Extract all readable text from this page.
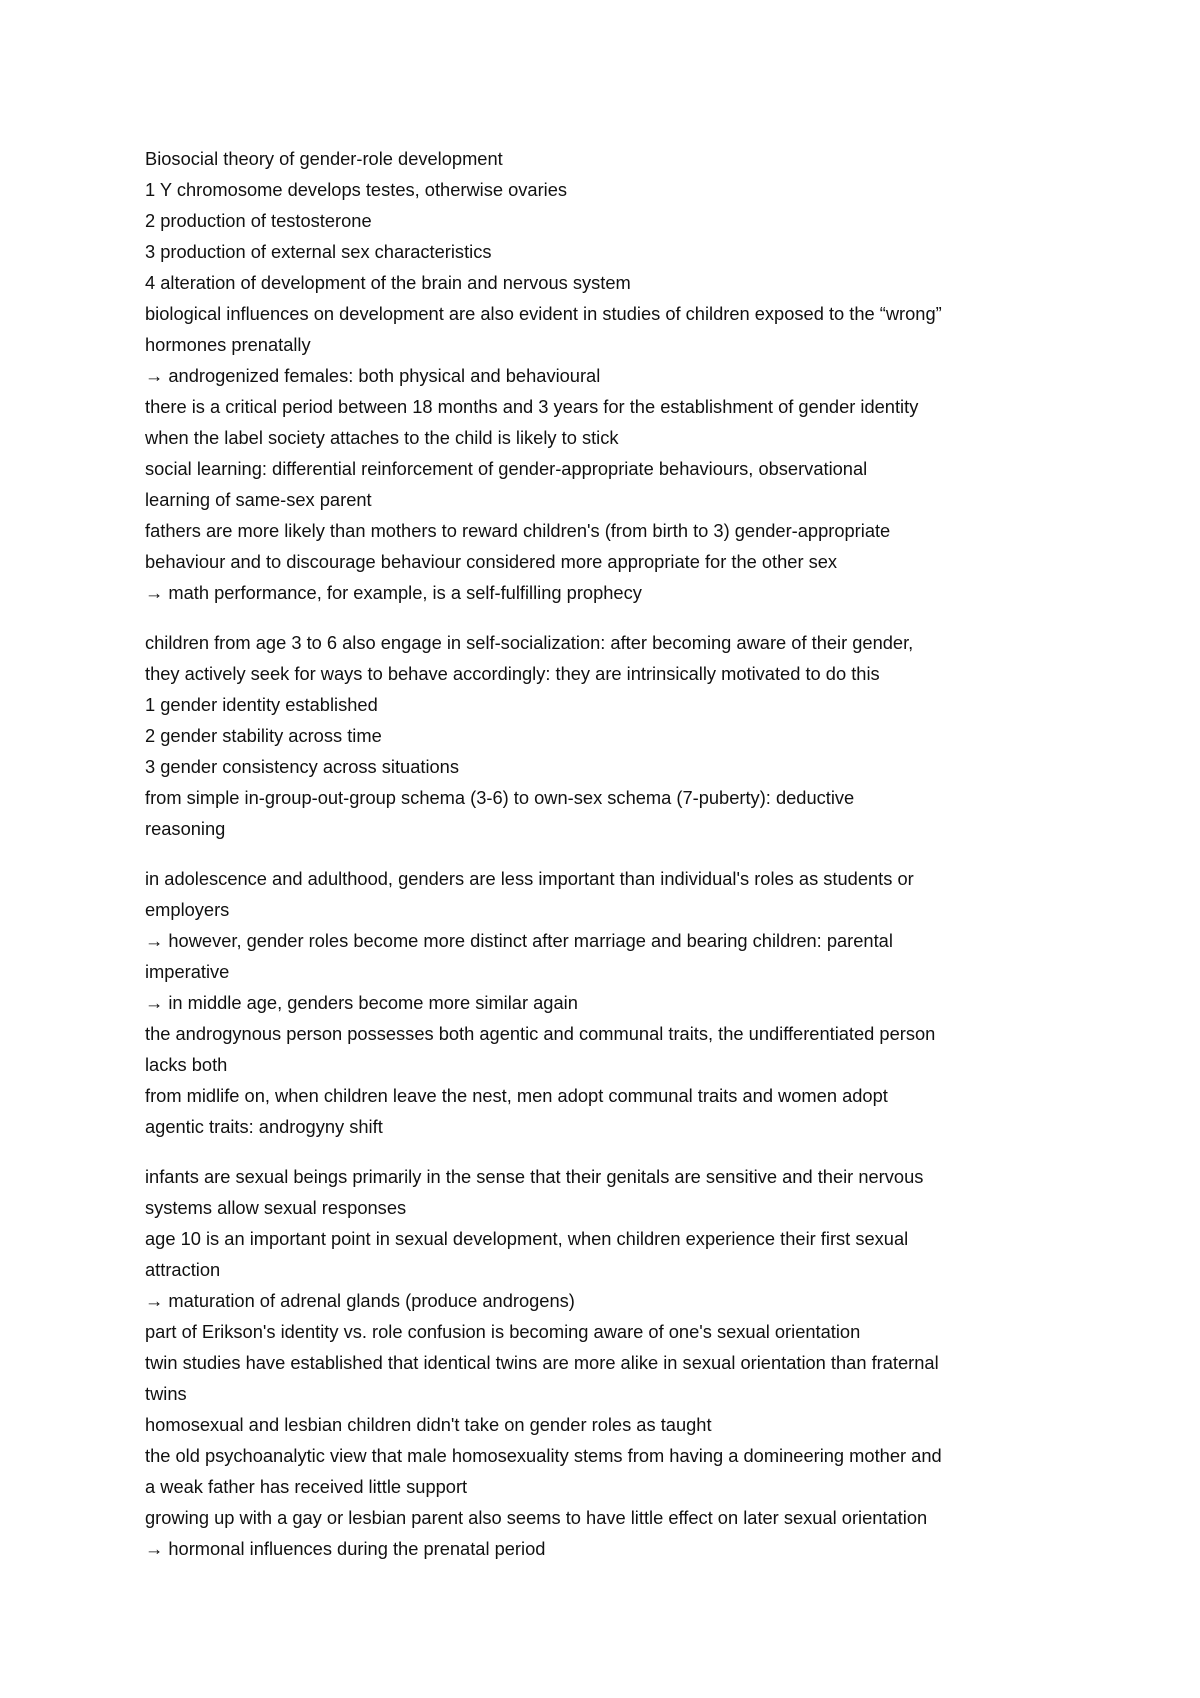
Biosocial theory of gender-role development

1 Y chromosome develops testes, otherwise ovaries

2 production of testosterone

3 production of external sex characteristics

4 alteration of development of the brain and nervous system

biological influences on development are also evident in studies of children exposed to the “wrong”

hormones prenatally

→ androgenized females: both physical and behavioural

there is a critical period between 18 months and 3 years for the establishment of gender identity

when the label society attaches to the child is likely to stick

social learning: differential reinforcement of gender-appropriate behaviours, observational

learning of same-sex parent

fathers are more likely than mothers to reward children's (from birth to 3) gender-appropriate

behaviour and to discourage behaviour considered more appropriate for the other sex

→ math performance, for example, is a self-fulfilling prophecy

children from age 3 to 6 also engage in self-socialization: after becoming aware of their gender,

they actively seek for ways to behave accordingly: they are intrinsically motivated to do this

1 gender identity established

2 gender stability across time

3 gender consistency across situations

from simple in-group-out-group schema (3-6) to own-sex schema (7-puberty): deductive

reasoning

in adolescence and adulthood, genders are less important than individual's roles as students or

employers

→ however, gender roles become more distinct after marriage and bearing children: parental

imperative

→ in middle age, genders become more similar again

the androgynous person possesses both agentic and communal traits, the undifferentiated person

lacks both

from midlife on, when children leave the nest, men adopt communal traits and women adopt

agentic traits: androgyny shift

infants are sexual beings primarily in the sense that their genitals are sensitive and their nervous

systems allow sexual responses

age 10 is an important point in sexual development, when children experience their first sexual

attraction

→ maturation of adrenal glands (produce androgens)

part of Erikson's identity vs. role confusion is becoming aware of one's sexual orientation

twin studies have established that identical twins are more alike in sexual orientation than fraternal

twins

homosexual and lesbian children didn't take on gender roles as taught

the old psychoanalytic view that male homosexuality stems from having a domineering mother and

a weak father has received little support

growing up with a gay or lesbian parent also seems to have little effect on later sexual orientation

→ hormonal influences during the prenatal period
